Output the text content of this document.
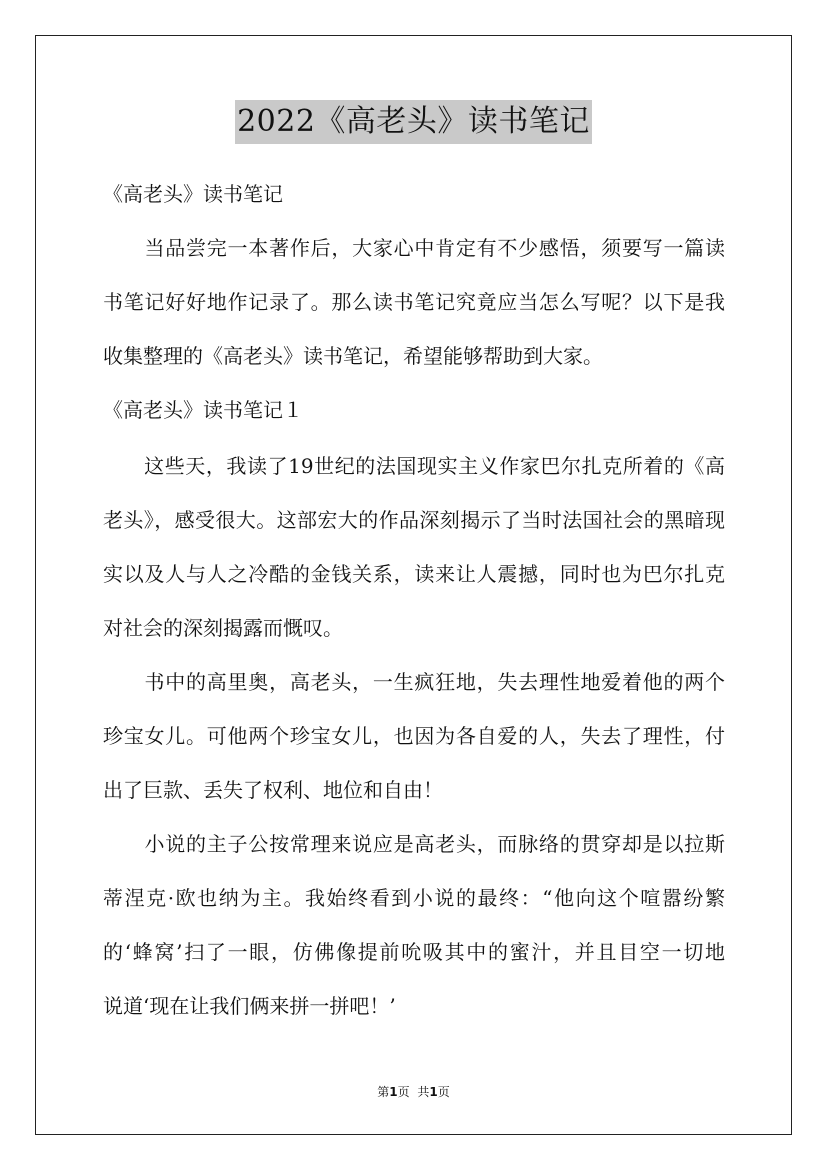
2022《高老头》读书笔记
《高老头》读书笔记
　　当品尝完一本著作后，大家心中肯定有不少感悟，须要写一篇读
书笔记好好地作记录了。那么读书笔记究竟应当怎么写呢？以下是我
收集整理的《高老头》读书笔记，希望能够帮助到大家。
《高老头》读书笔记１
　　这些天，我读了19世纪的法国现实主义作家巴尔扎克所着的《高
老头》，感受很大。这部宏大的作品深刻揭示了当时法国社会的黑暗现
实以及人与人之冷酷的金钱关系，读来让人震撼，同时也为巴尔扎克
对社会的深刻揭露而慨叹。
　　书中的高里奥，高老头，一生疯狂地，失去理性地爱着他的两个
珍宝女儿。可他两个珍宝女儿，也因为各自爱的人，失去了理性，付
出了巨款、丢失了权利、地位和自由！
　　小说的主子公按常理来说应是高老头，而脉络的贯穿却是以拉斯
蒂涅克·欧也纳为主。我始终看到小说的最终：“他向这个喧嚣纷繁
的‘蜂窝’扫了一眼，仿佛像提前吮吸其中的蜜汁，并且目空一切地
说道‘现在让我们俩来拼一拼吧！’
第1页 共1页
